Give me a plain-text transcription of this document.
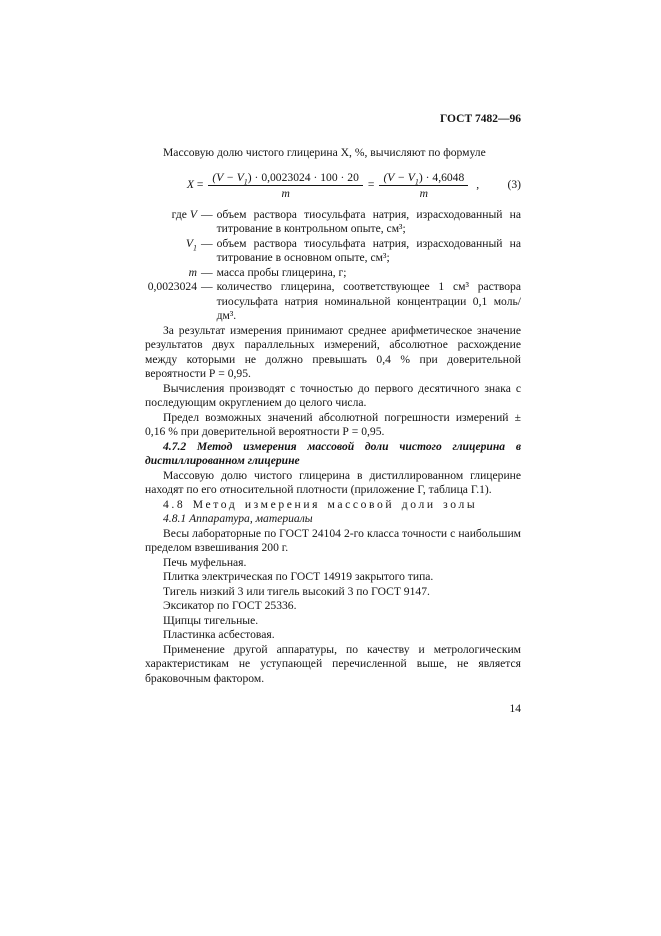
ГОСТ 7482—96

Массовую долю чистого глицерина X, %, вычисляют по формуле

X
= $\frac{(V - V_1) \cdot 0,0023024 \cdot 100 \cdot 20}{m} = \frac{(V - V_1) \cdot 4,6048}{m}$ , (3)
где V — объем раствора тиосульфата натрия, израсходованный на титрование в контрольном опыте, см³;
$V_1$ — объем раствора тиосульфата натрия, израсходованный на титрование в основном опыте, см³;
m — масса пробы глицерина, г;
0,0023024 — количество глицерина, соответствующее 1 см³ раствора тиосульфата натрия номинальной концентрации 0,1 моль/дм³.

За результат измерения принимают среднее арифметическое значение результатов двух параллельных измерений, абсолютное расхождение между которыми не должно превышать 0,4 % при доверительной вероятности Р = 0,95.

Вычисления производят с точностью до первого десятичного знака с последующим округлением до целого числа.

Предел возможных значений абсолютной погрешности измерений ± 0,16 % при доверительной вероятности Р = 0,95.

4.7.2 Метод измерения массовой доли чистого глицерина в дистиллированном глицерине

Массовую долю чистого глицерина в дистиллированном глицерине находят по его относительной плотности (приложение Г, таблица Г.1).

4.8 Метод измерения массовой доли золы

4.8.1 Аппаратура, материалы

Весы лабораторные по ГОСТ 24104 2-го класса точности с наибольшим пределом взвешивания 200 г.

Печь муфельная.

Плитка электрическая по ГОСТ 14919 закрытого типа.

Тигель низкий 3 или тигель высокий 3 по ГОСТ 9147.

Эксикатор по ГОСТ 25336.

Щипцы тигельные.

Пластинка асбестовая.

Применение другой аппаратуры, по качеству и метрологическим характеристикам не уступающей перечисленной выше, не является браковочным фактором.

14
